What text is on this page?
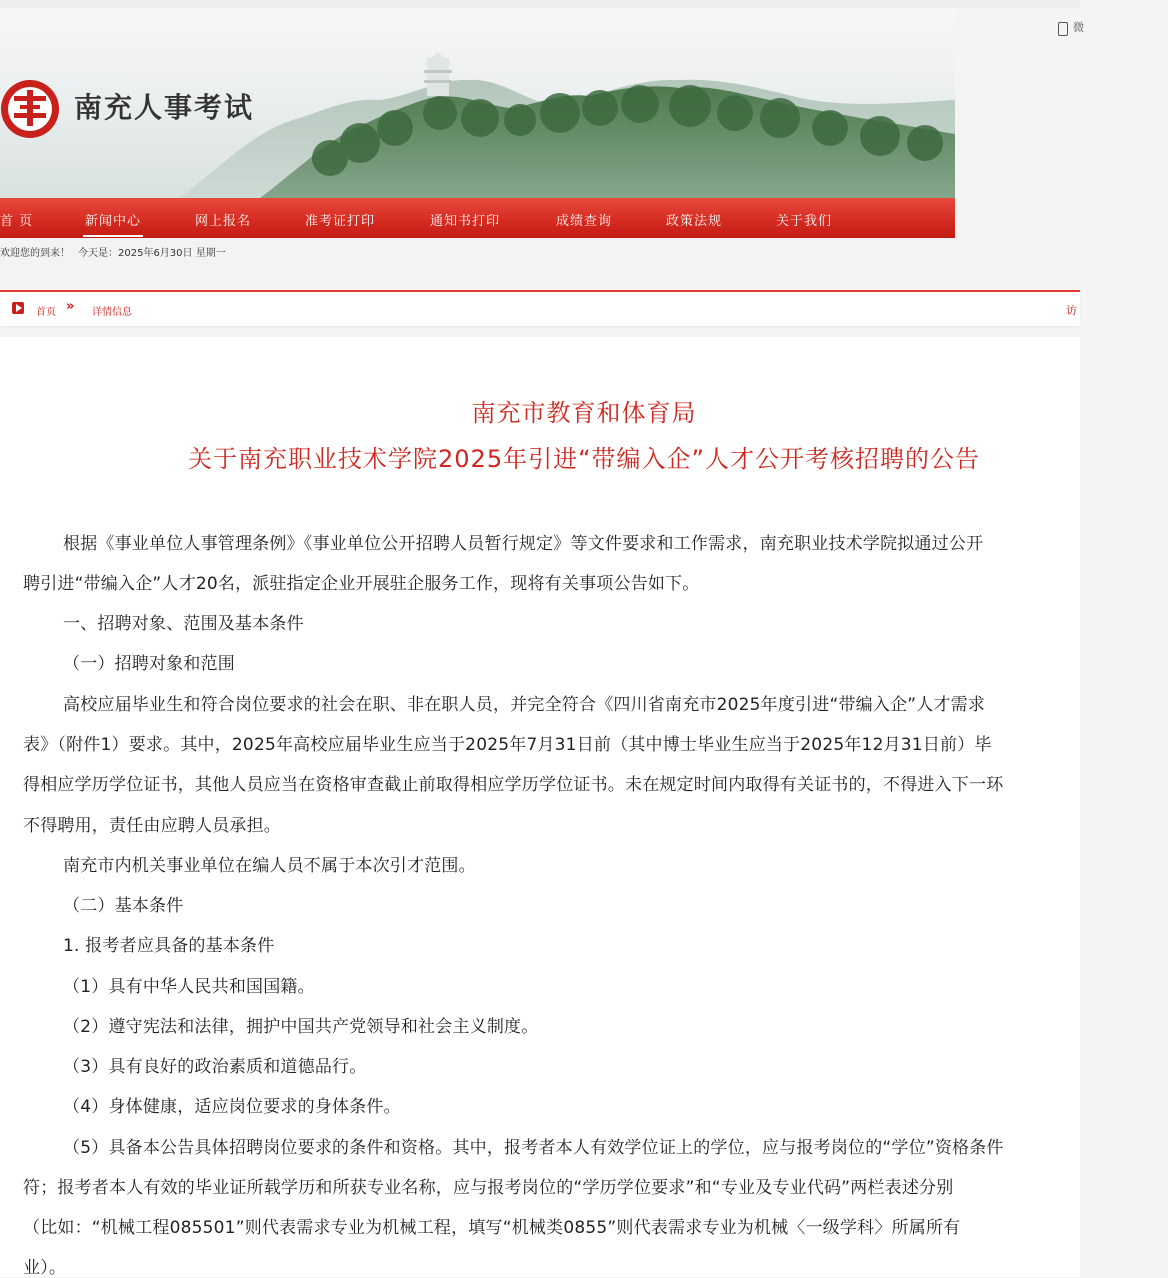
南充人事考试
首 页	新闻中心	网上报名	准考证打印	通知书打印	成绩查询	政策法规	关于我们
欢迎您的到来！ 今天是：2025年6月30日 星期一
微
首页 » 详情信息	访
南充市教育和体育局
关于南充职业技术学院2025年引进“带编入企”人才公开考核招聘的公告
根据《事业单位人事管理条例》《事业单位公开招聘人员暂行规定》等文件要求和工作需求，南充职业技术学院拟通过公开
聘引进“带编入企”人才20名，派驻指定企业开展驻企服务工作，现将有关事项公告如下。
一、招聘对象、范围及基本条件
（一）招聘对象和范围
高校应届毕业生和符合岗位要求的社会在职、非在职人员，并完全符合《四川省南充市2025年度引进“带编入企”人才需求
表》（附件1）要求。其中，2025年高校应届毕业生应当于2025年7月31日前（其中博士毕业生应当于2025年12月31日前）毕
得相应学历学位证书，其他人员应当在资格审查截止前取得相应学历学位证书。未在规定时间内取得有关证书的，不得进入下一环
不得聘用，责任由应聘人员承担。
南充市内机关事业单位在编人员不属于本次引才范围。
（二）基本条件
1. 报考者应具备的基本条件
（1）具有中华人民共和国国籍。
（2）遵守宪法和法律，拥护中国共产党领导和社会主义制度。
（3）具有良好的政治素质和道德品行。
（4）身体健康，适应岗位要求的身体条件。
（5）具备本公告具体招聘岗位要求的条件和资格。其中，报考者本人有效学位证上的学位，应与报考岗位的“学位”资格条件
符；报考者本人有效的毕业证所载学历和所获专业名称，应与报考岗位的“学历学位要求”和“专业及专业代码”两栏表述分别
（比如：“机械工程085501”则代表需求专业为机械工程，填写“机械类0855”则代表需求专业为机械〈一级学科〉所属所有
业）。
